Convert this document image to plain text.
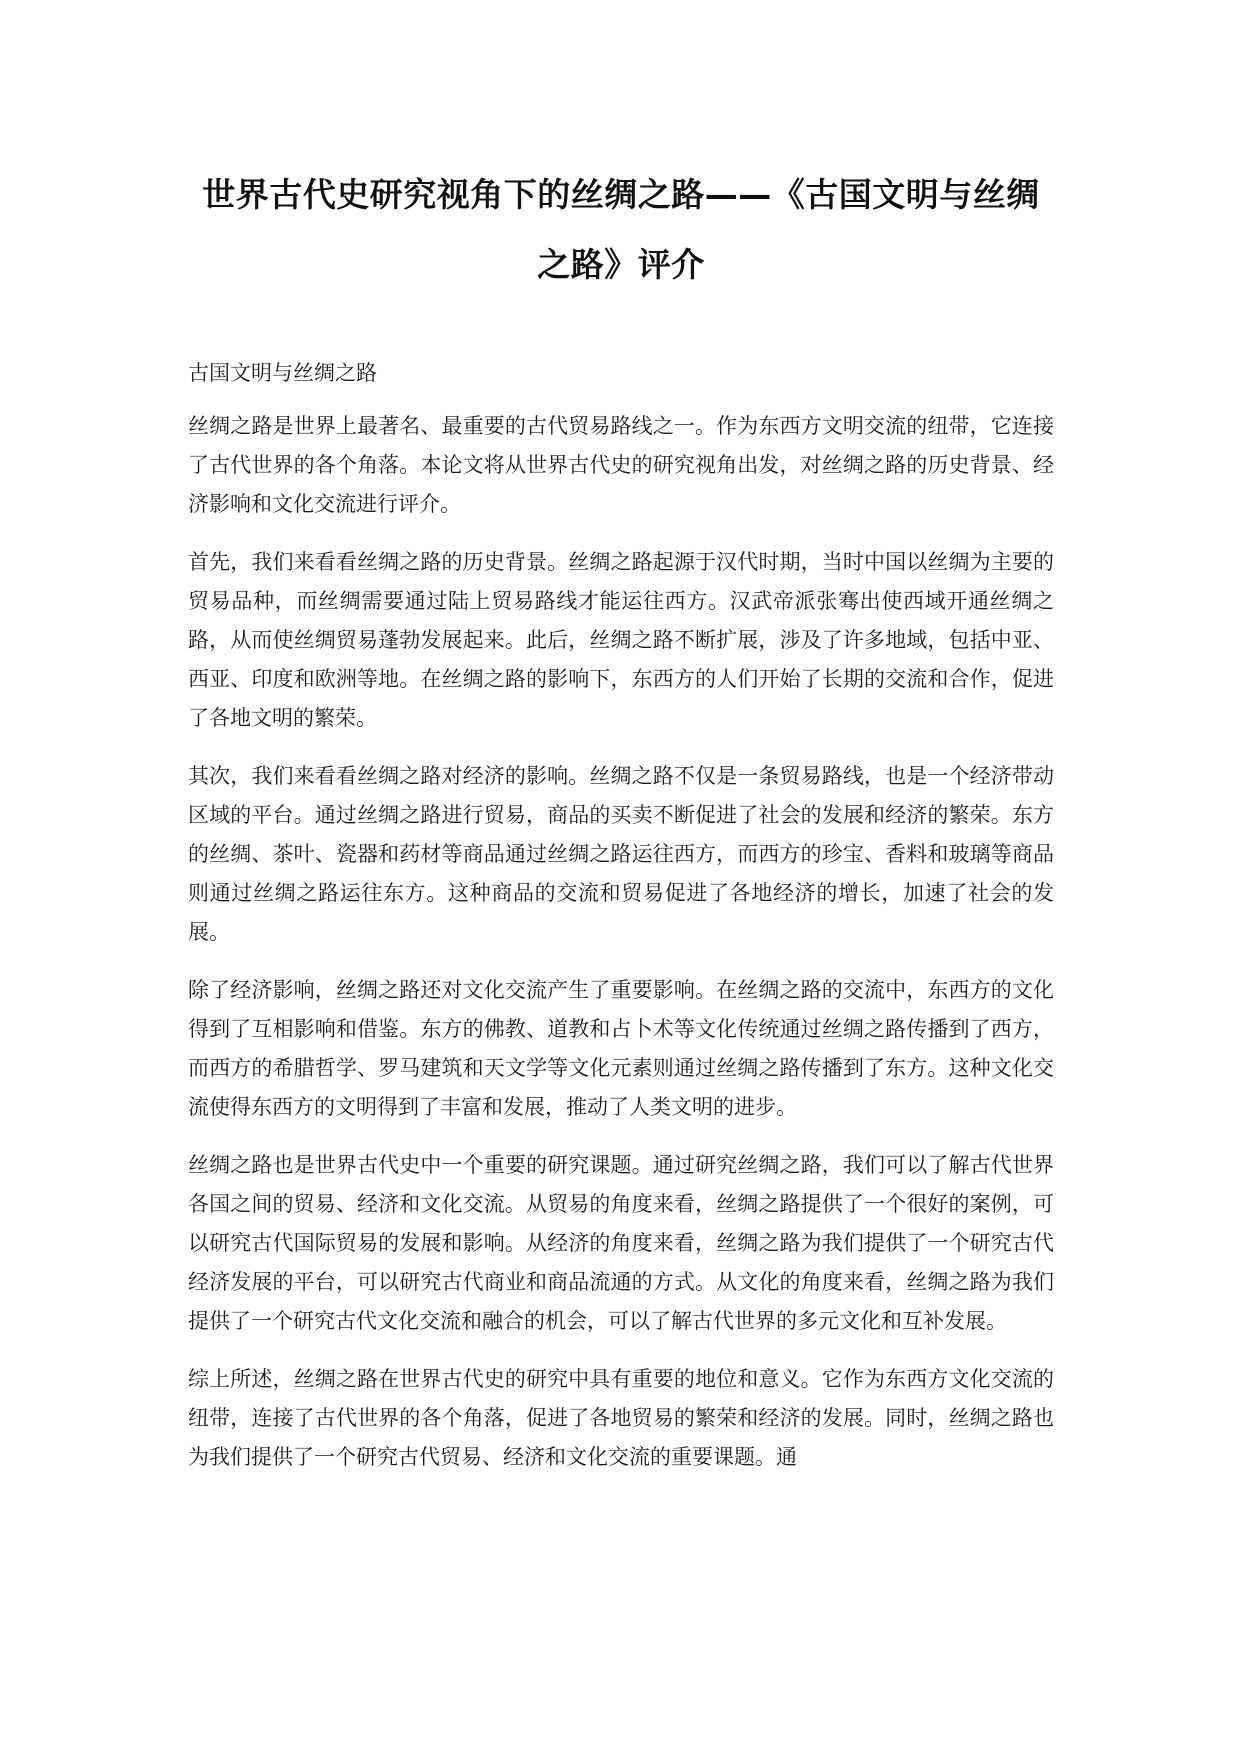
世界古代史研究视角下的丝绸之路——《古国文明与丝绸之路》评介

古国文明与丝绸之路

丝绸之路是世界上最著名、最重要的古代贸易路线之一。作为东西方文明交流的纽带，它连接了古代世界的各个角落。本论文将从世界古代史的研究视角出发，对丝绸之路的历史背景、经济影响和文化交流进行评介。

首先，我们来看看丝绸之路的历史背景。丝绸之路起源于汉代时期，当时中国以丝绸为主要的贸易品种，而丝绸需要通过陆上贸易路线才能运往西方。汉武帝派张骞出使西域开通丝绸之路，从而使丝绸贸易蓬勃发展起来。此后，丝绸之路不断扩展，涉及了许多地域，包括中亚、西亚、印度和欧洲等地。在丝绸之路的影响下，东西方的人们开始了长期的交流和合作，促进了各地文明的繁荣。

其次，我们来看看丝绸之路对经济的影响。丝绸之路不仅是一条贸易路线，也是一个经济带动区域的平台。通过丝绸之路进行贸易，商品的买卖不断促进了社会的发展和经济的繁荣。东方的丝绸、茶叶、瓷器和药材等商品通过丝绸之路运往西方，而西方的珍宝、香料和玻璃等商品则通过丝绸之路运往东方。这种商品的交流和贸易促进了各地经济的增长，加速了社会的发展。

除了经济影响，丝绸之路还对文化交流产生了重要影响。在丝绸之路的交流中，东西方的文化得到了互相影响和借鉴。东方的佛教、道教和占卜术等文化传统通过丝绸之路传播到了西方，而西方的希腊哲学、罗马建筑和天文学等文化元素则通过丝绸之路传播到了东方。这种文化交流使得东西方的文明得到了丰富和发展，推动了人类文明的进步。

丝绸之路也是世界古代史中一个重要的研究课题。通过研究丝绸之路，我们可以了解古代世界各国之间的贸易、经济和文化交流。从贸易的角度来看，丝绸之路提供了一个很好的案例，可以研究古代国际贸易的发展和影响。从经济的角度来看，丝绸之路为我们提供了一个研究古代经济发展的平台，可以研究古代商业和商品流通的方式。从文化的角度来看，丝绸之路为我们提供了一个研究古代文化交流和融合的机会，可以了解古代世界的多元文化和互补发展。

综上所述，丝绸之路在世界古代史的研究中具有重要的地位和意义。它作为东西方文化交流的纽带，连接了古代世界的各个角落，促进了各地贸易的繁荣和经济的发展。同时，丝绸之路也为我们提供了一个研究古代贸易、经济和文化交流的重要课题。通
